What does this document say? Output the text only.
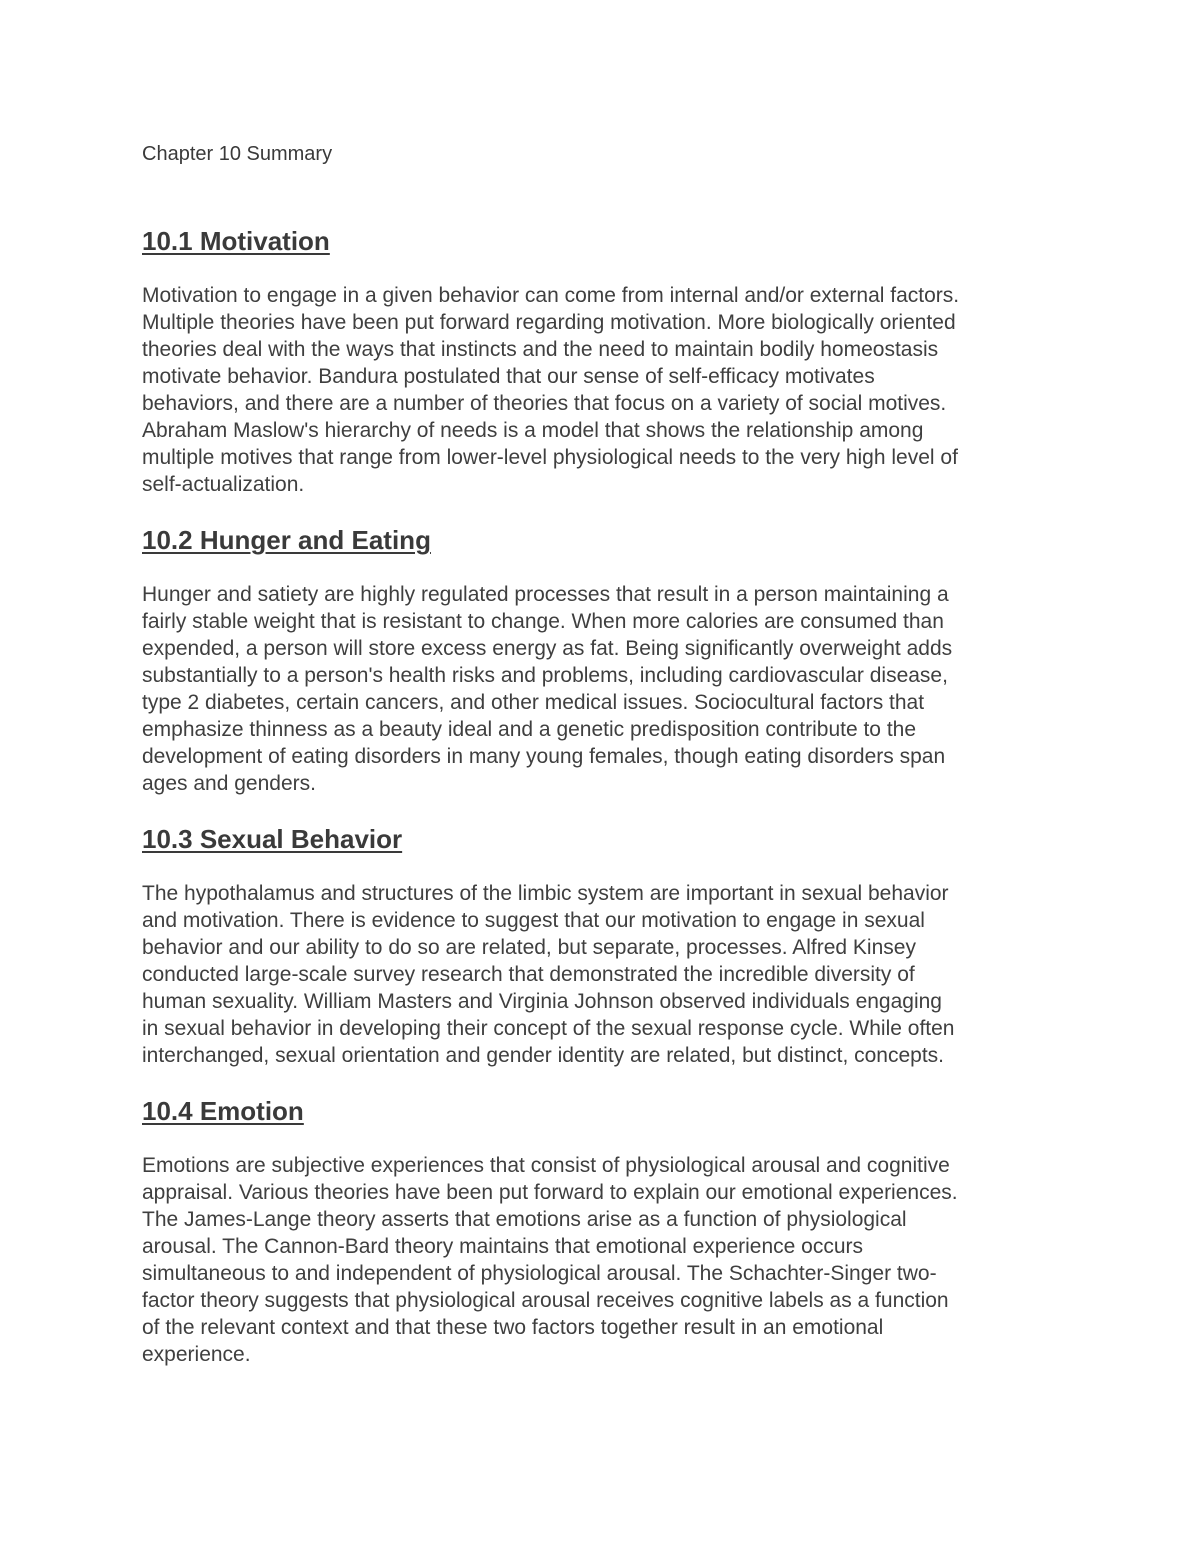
Chapter 10 Summary
10.1 Motivation

Motivation to engage in a given behavior can come from internal and/or external factors.
Multiple theories have been put forward regarding motivation. More biologically oriented
theories deal with the ways that instincts and the need to maintain bodily homeostasis
motivate behavior. Bandura postulated that our sense of self-efficacy motivates
behaviors, and there are a number of theories that focus on a variety of social motives.
Abraham Maslow's hierarchy of needs is a model that shows the relationship among
multiple motives that range from lower-level physiological needs to the very high level of
self-actualization.

10.2 Hunger and Eating

Hunger and satiety are highly regulated processes that result in a person maintaining a
fairly stable weight that is resistant to change. When more calories are consumed than
expended, a person will store excess energy as fat. Being significantly overweight adds
substantially to a person's health risks and problems, including cardiovascular disease,
type 2 diabetes, certain cancers, and other medical issues. Sociocultural factors that
emphasize thinness as a beauty ideal and a genetic predisposition contribute to the
development of eating disorders in many young females, though eating disorders span
ages and genders.

10.3 Sexual Behavior

The hypothalamus and structures of the limbic system are important in sexual behavior
and motivation. There is evidence to suggest that our motivation to engage in sexual
behavior and our ability to do so are related, but separate, processes. Alfred Kinsey
conducted large-scale survey research that demonstrated the incredible diversity of
human sexuality. William Masters and Virginia Johnson observed individuals engaging
in sexual behavior in developing their concept of the sexual response cycle. While often
interchanged, sexual orientation and gender identity are related, but distinct, concepts.

10.4 Emotion

Emotions are subjective experiences that consist of physiological arousal and cognitive
appraisal. Various theories have been put forward to explain our emotional experiences.
The James-Lange theory asserts that emotions arise as a function of physiological
arousal. The Cannon-Bard theory maintains that emotional experience occurs
simultaneous to and independent of physiological arousal. The Schachter-Singer two-
factor theory suggests that physiological arousal receives cognitive labels as a function
of the relevant context and that these two factors together result in an emotional
experience.
